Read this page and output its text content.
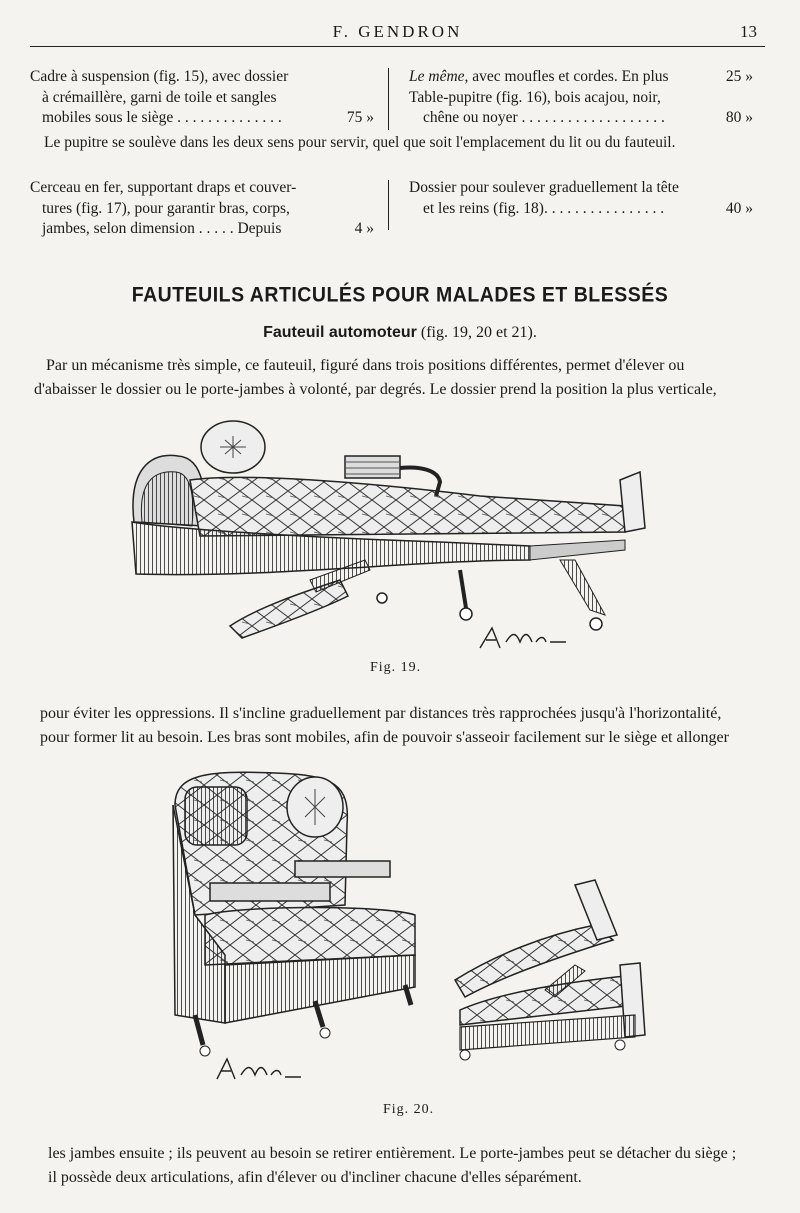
F. GENDRON	13
Cadre à suspension (fig. 15), avec dossier
à crémaillère, garni de toile et sangles
mobiles sous le siège . . . . . . . . . . . . . .	75 »
Le même, avec moufles et cordes. En plus	25 »
Table-pupitre (fig. 16), bois acajou, noir,
chêne ou noyer . . . . . . . . . . . . . . . . . . .	80 »
Le pupitre se soulève dans les deux sens pour servir, quel que soit l'emplacement du lit ou du fauteuil.
Cerceau en fer, supportant draps et couver-
tures (fig. 17), pour garantir bras, corps,
jambes, selon dimension . . . . . Depuis	4 »
Dossier pour soulever graduellement la tête
et les reins (fig. 18). . . . . . . . . . . . . . . .	40 »
FAUTEUILS ARTICULÉS POUR MALADES ET BLESSÉS
Fauteuil automoteur (fig. 19, 20 et 21).
Par un mécanisme très simple, ce fauteuil, figuré dans trois positions différentes, permet d'élever ou
d'abaisser le dossier ou le porte-jambes à volonté, par degrés. Le dossier prend la position la plus verticale,
Fig. 19.
pour éviter les oppressions. Il s'incline graduellement par distances très rapprochées jusqu'à l'horizontalité,
pour former lit au besoin. Les bras sont mobiles, afin de pouvoir s'asseoir facilement sur le siège et allonger
Fig. 20.
les jambes ensuite ; ils peuvent au besoin se retirer entièrement. Le porte-jambes peut se détacher du siège ;
il possède deux articulations, afin d'élever ou d'incliner chacune d'elles séparément.
